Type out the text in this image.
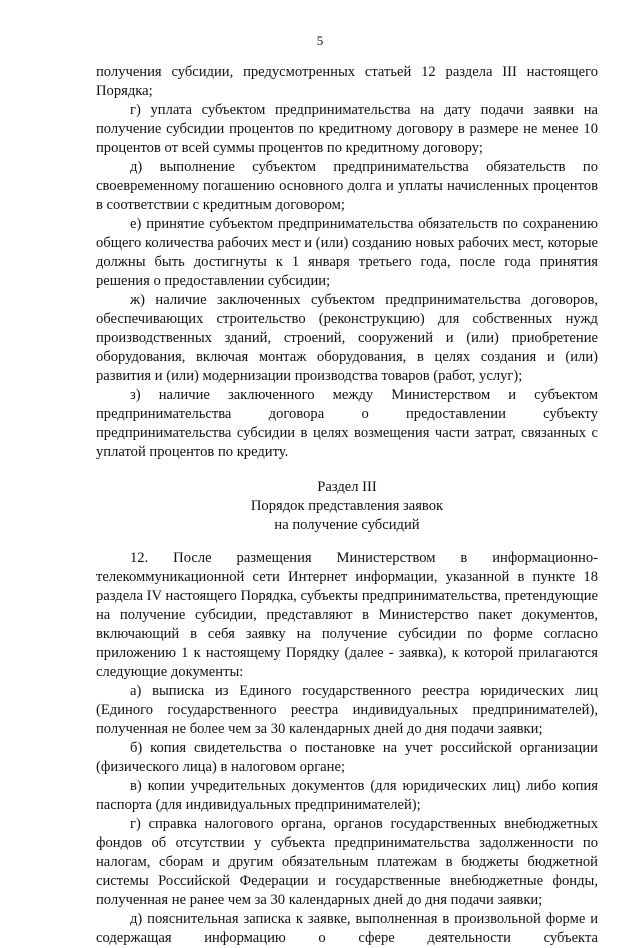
5

получения субсидии, предусмотренных статьей 12 раздела III настоящего Порядка;

г) уплата субъектом предпринимательства на дату подачи заявки на получение субсидии процентов по кредитному договору в размере не менее 10 процентов от всей суммы процентов по кредитному договору;

д) выполнение субъектом предпринимательства обязательств по своевременному погашению основного долга и уплаты начисленных процентов в соответствии с кредитным договором;

е) принятие субъектом предпринимательства обязательств по сохранению общего количества рабочих мест и (или) созданию новых рабочих мест, которые должны быть достигнуты к 1 января третьего года, после года принятия решения о предоставлении субсидии;

ж) наличие заключенных субъектом предпринимательства договоров, обеспечивающих строительство (реконструкцию) для собственных нужд производственных зданий, строений, сооружений и (или) приобретение оборудования, включая монтаж оборудования, в целях создания и (или) развития и (или) модернизации производства товаров (работ, услуг);

з) наличие заключенного между Министерством и субъектом предпринимательства договора о предоставлении субъекту предпринимательства субсидии в целях возмещения части затрат, связанных с уплатой процентов по кредиту.

Раздел III
Порядок представления заявок
на получение субсидий

12. После размещения Министерством в информационно-телекоммуникационной сети Интернет информации, указанной в пункте 18 раздела IV настоящего Порядка, субъекты предпринимательства, претендующие на получение субсидии, представляют в Министерство пакет документов, включающий в себя заявку на получение субсидии по форме согласно приложению 1 к настоящему Порядку (далее - заявка), к которой прилагаются следующие документы:

а) выписка из Единого государственного реестра юридических лиц (Единого государственного реестра индивидуальных предпринимателей), полученная не более чем за 30 календарных дней до дня подачи заявки;

б) копия свидетельства о постановке на учет российской организации (физического лица) в налоговом органе;

в) копии учредительных документов (для юридических лиц) либо копия паспорта (для индивидуальных предпринимателей);

г) справка налогового органа, органов государственных внебюджетных фондов об отсутствии у субъекта предпринимательства задолженности по налогам, сборам и другим обязательным платежам в бюджеты бюджетной системы Российской Федерации и государственные внебюджетные фонды, полученная не ранее чем за 30 календарных дней до дня подачи заявки;

д) пояснительная записка к заявке, выполненная в произвольной форме и содержащая информацию о сфере деятельности субъекта
